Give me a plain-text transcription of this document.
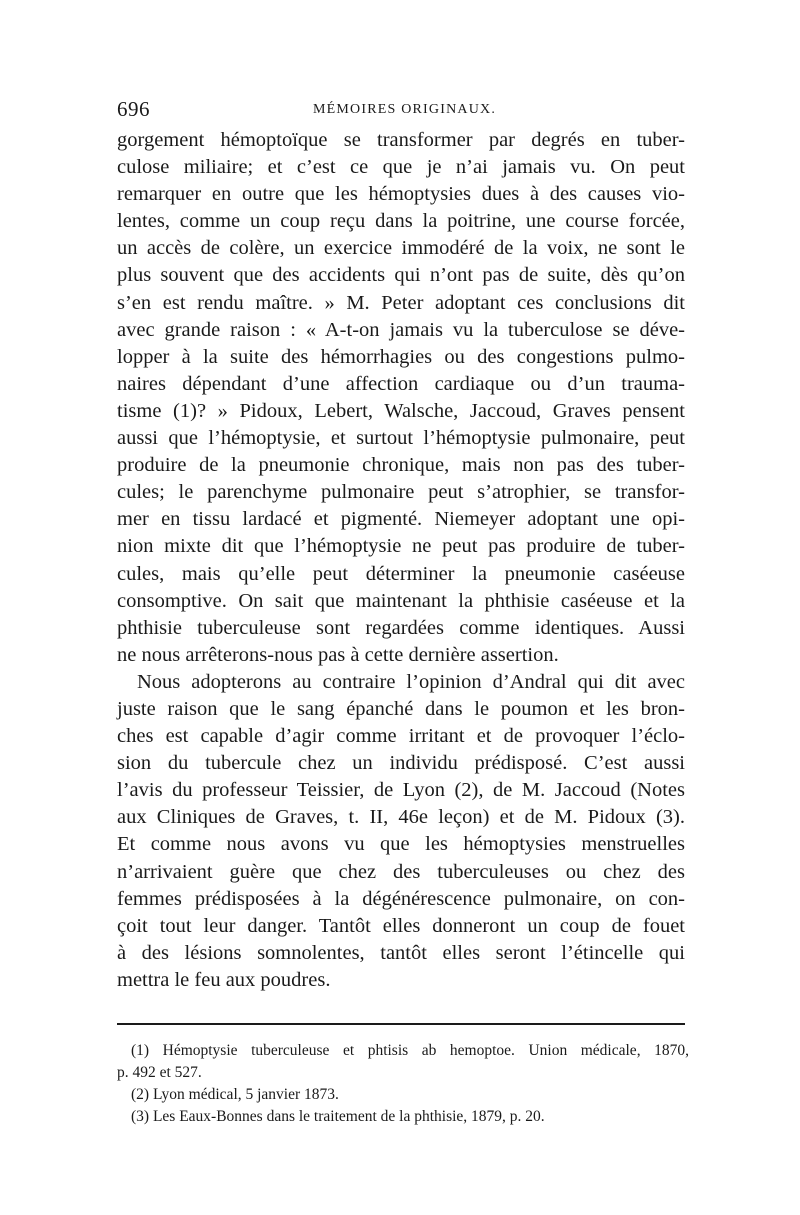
696	MÉMOIRES ORIGINAUX.
gorgement hémoptoïque se transformer par degrés en tuber-
culose miliaire; et c’est ce que je n’ai jamais vu. On peut
remarquer en outre que les hémoptysies dues à des causes vio-
lentes, comme un coup reçu dans la poitrine, une course forcée,
un accès de colère, un exercice immodéré de la voix, ne sont le
plus souvent que des accidents qui n’ont pas de suite, dès qu’on
s’en est rendu maître. » M. Peter adoptant ces conclusions dit
avec grande raison : « A-t-on jamais vu la tuberculose se déve-
lopper à la suite des hémorrhagies ou des congestions pulmo-
naires dépendant d’une affection cardiaque ou d’un trauma-
tisme (1)? » Pidoux, Lebert, Walsche, Jaccoud, Graves pensent
aussi que l’hémoptysie, et surtout l’hémoptysie pulmonaire, peut
produire de la pneumonie chronique, mais non pas des tuber-
cules; le parenchyme pulmonaire peut s’atrophier, se transfor-
mer en tissu lardacé et pigmenté. Niemeyer adoptant une opi-
nion mixte dit que l’hémoptysie ne peut pas produire de tuber-
cules, mais qu’elle peut déterminer la pneumonie caséeuse
consomptive. On sait que maintenant la phthisie caséeuse et la
phthisie tuberculeuse sont regardées comme identiques. Aussi
ne nous arrêterons-nous pas à cette dernière assertion.
Nous adopterons au contraire l’opinion d’Andral qui dit avec
juste raison que le sang épanché dans le poumon et les bron-
ches est capable d’agir comme irritant et de provoquer l’éclo-
sion du tubercule chez un individu prédisposé. C’est aussi
l’avis du professeur Teissier, de Lyon (2), de M. Jaccoud (Notes
aux Cliniques de Graves, t. II, 46e leçon) et de M. Pidoux (3).
Et comme nous avons vu que les hémoptysies menstruelles
n’arrivaient guère que chez des tuberculeuses ou chez des
femmes prédisposées à la dégénérescence pulmonaire, on con-
çoit tout leur danger. Tantôt elles donneront un coup de fouet
à des lésions somnolentes, tantôt elles seront l’étincelle qui
mettra le feu aux poudres.
(1) Hémoptysie tuberculeuse et phtisis ab hemoptoe. Union médicale, 1870,
p. 492 et 527.
(2) Lyon médical, 5 janvier 1873.
(3) Les Eaux-Bonnes dans le traitement de la phthisie, 1879, p. 20.
